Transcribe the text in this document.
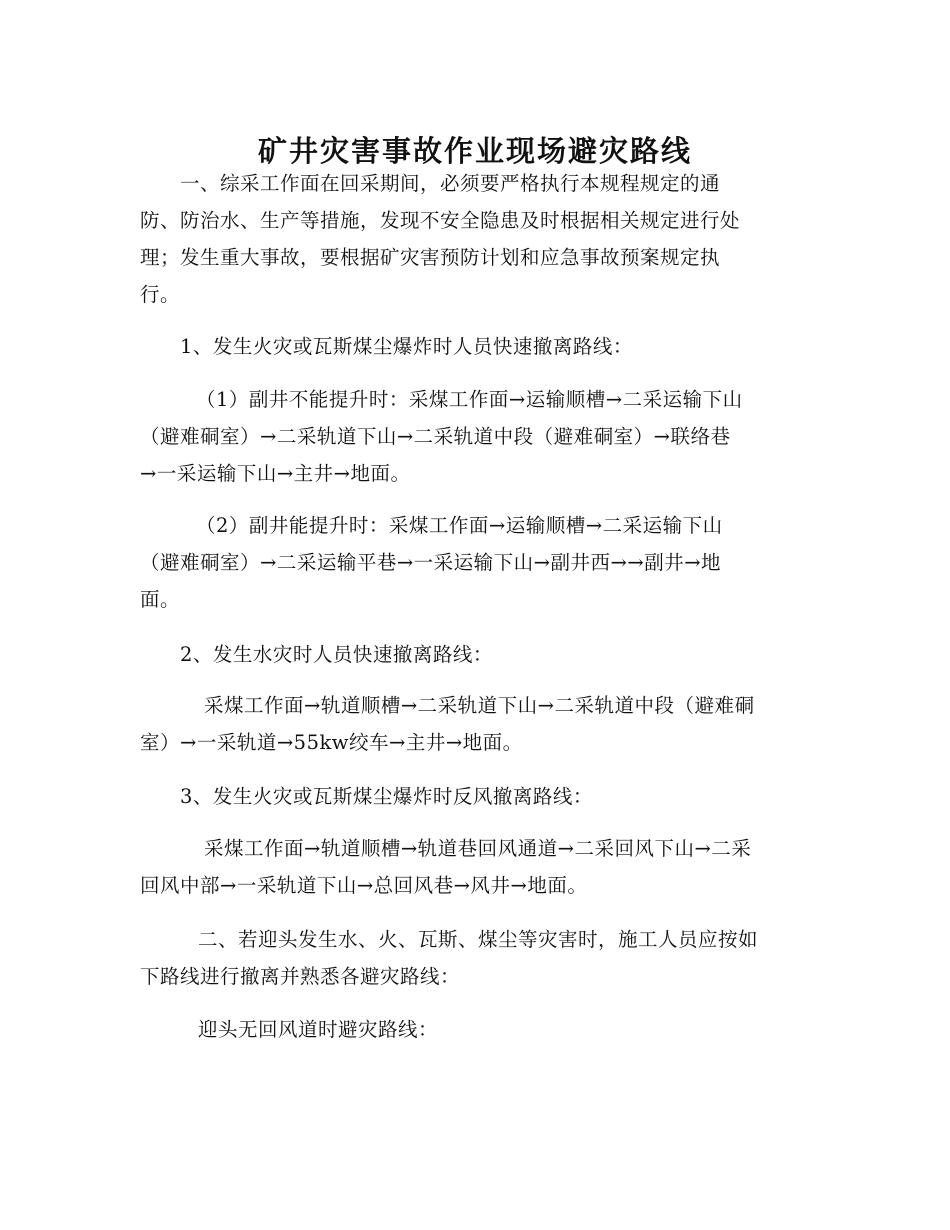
矿井灾害事故作业现场避灾路线

一、综采工作面在回采期间，必须要严格执行本规程规定的通
防、防治水、生产等措施，发现不安全隐患及时根据相关规定进行处
理；发生重大事故，要根据矿灾害预防计划和应急事故预案规定执
行。

1、发生火灾或瓦斯煤尘爆炸时人员快速撤离路线：

（1）副井不能提升时：采煤工作面→运输顺槽→二采运输下山
（避难硐室）→二采轨道下山→二采轨道中段（避难硐室）→联络巷
→一采运输下山→主井→地面。

（2）副井能提升时：采煤工作面→运输顺槽→二采运输下山
（避难硐室）→二采运输平巷→一采运输下山→副井西→→副井→地
面。

2、发生水灾时人员快速撤离路线：

采煤工作面→轨道顺槽→二采轨道下山→二采轨道中段（避难硐
室）→一采轨道→55kw绞车→主井→地面。

3、发生火灾或瓦斯煤尘爆炸时反风撤离路线：

采煤工作面→轨道顺槽→轨道巷回风通道→二采回风下山→二采
回风中部→一采轨道下山→总回风巷→风井→地面。

二、若迎头发生水、火、瓦斯、煤尘等灾害时，施工人员应按如
下路线进行撤离并熟悉各避灾路线：

迎头无回风道时避灾路线：
